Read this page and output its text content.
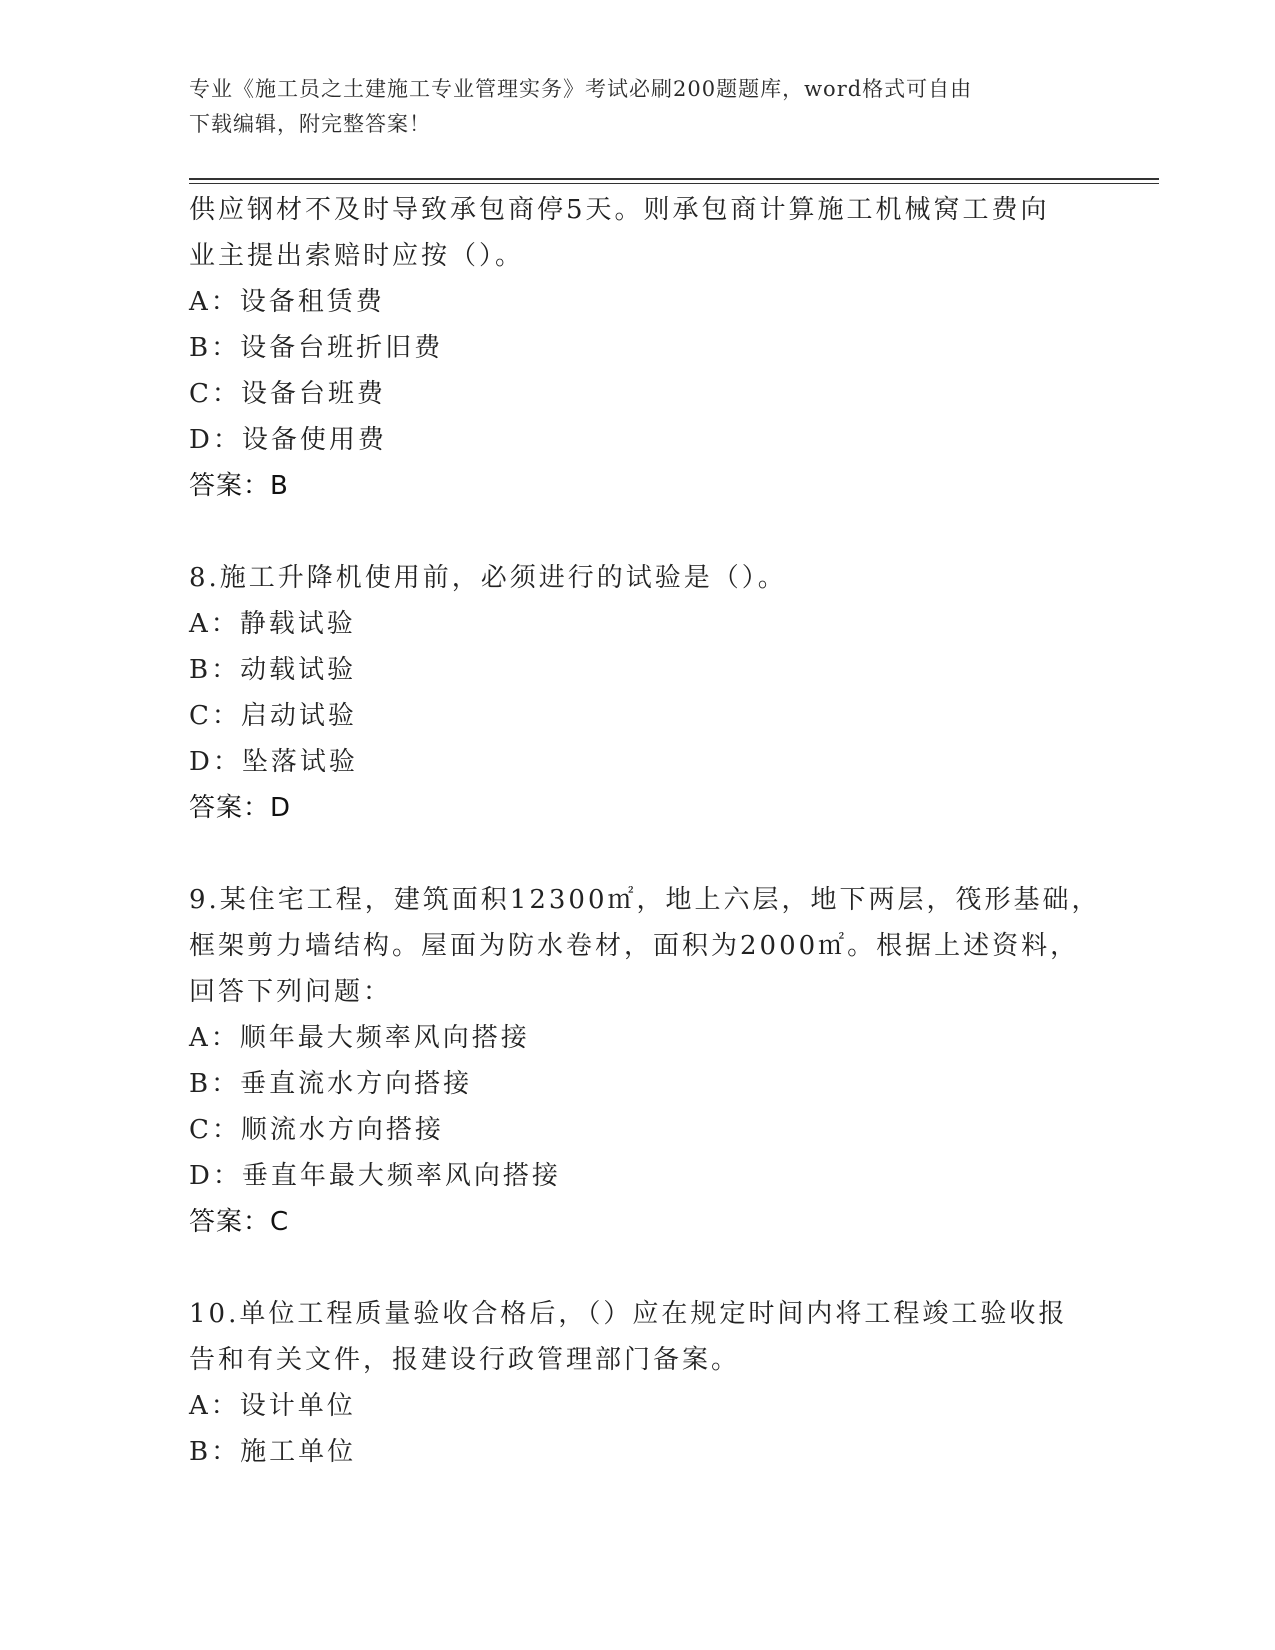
专业《施工员之土建施工专业管理实务》考试必刷200题题库，word格式可自由
下载编辑，附完整答案！
供应钢材不及时导致承包商停5天。则承包商计算施工机械窝工费向
业主提出索赔时应按（）。
A：设备租赁费
B：设备台班折旧费
C：设备台班费
D：设备使用费
答案：B
8.施工升降机使用前，必须进行的试验是（）。
A：静载试验
B：动载试验
C：启动试验
D：坠落试验
答案：D
9.某住宅工程，建筑面积12300㎡，地上六层，地下两层，筏形基础，
框架剪力墙结构。屋面为防水卷材，面积为2000㎡。根据上述资料，
回答下列问题：
A：顺年最大频率风向搭接
B：垂直流水方向搭接
C：顺流水方向搭接
D：垂直年最大频率风向搭接
答案：C
10.单位工程质量验收合格后，（）应在规定时间内将工程竣工验收报
告和有关文件，报建设行政管理部门备案。
A：设计单位
B：施工单位
